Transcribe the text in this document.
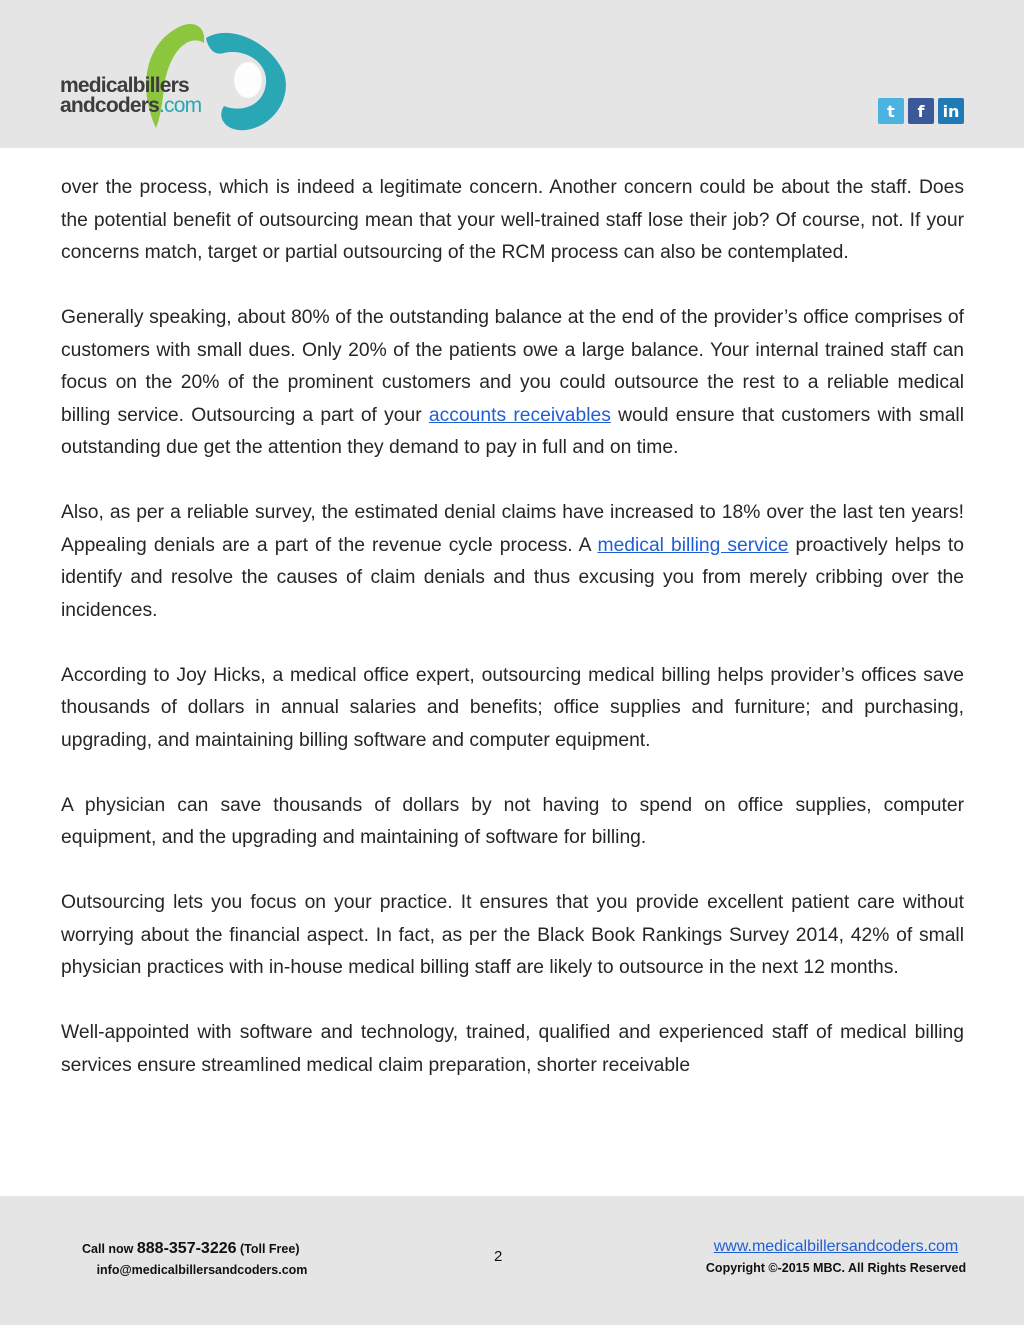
medicalbillers
andcoders.com	t	f	in

over the process, which is indeed a legitimate concern. Another concern could be about the staff. Does the potential benefit of outsourcing mean that your well-trained staff lose their job? Of course, not. If your concerns match, target or partial outsourcing of the RCM process can also be contemplated.

Generally speaking, about 80% of the outstanding balance at the end of the provider’s office comprises of customers with small dues. Only 20% of the patients owe a large balance. Your internal trained staff can focus on the 20% of the prominent customers and you could outsource the rest to a reliable medical billing service. Outsourcing a part of your accounts receivables would ensure that customers with small outstanding due get the attention they demand to pay in full and on time.

Also, as per a reliable survey, the estimated denial claims have increased to 18% over the last ten years! Appealing denials are a part of the revenue cycle process. A medical billing service proactively helps to identify and resolve the causes of claim denials and thus excusing you from merely cribbing over the incidences.

According to Joy Hicks, a medical office expert, outsourcing medical billing helps provider’s offices save thousands of dollars in annual salaries and benefits; office supplies and furniture; and purchasing, upgrading, and maintaining billing software and computer equipment.

A physician can save thousands of dollars by not having to spend on office supplies, computer equipment, and the upgrading and maintaining of software for billing.

Outsourcing lets you focus on your practice. It ensures that you provide excellent patient care without worrying about the financial aspect. In fact, as per the Black Book Rankings Survey 2014, 42% of small physician practices with in-house medical billing staff are likely to outsource in the next 12 months.

Well-appointed with software and technology, trained, qualified and experienced staff of medical billing services ensure streamlined medical claim preparation, shorter receivable

Call now 888-357-3226 (Toll Free)
info@medicalbillersandcoders.com
2
www.medicalbillersandcoders.com
Copyright ©-2015 MBC. All Rights Reserved
